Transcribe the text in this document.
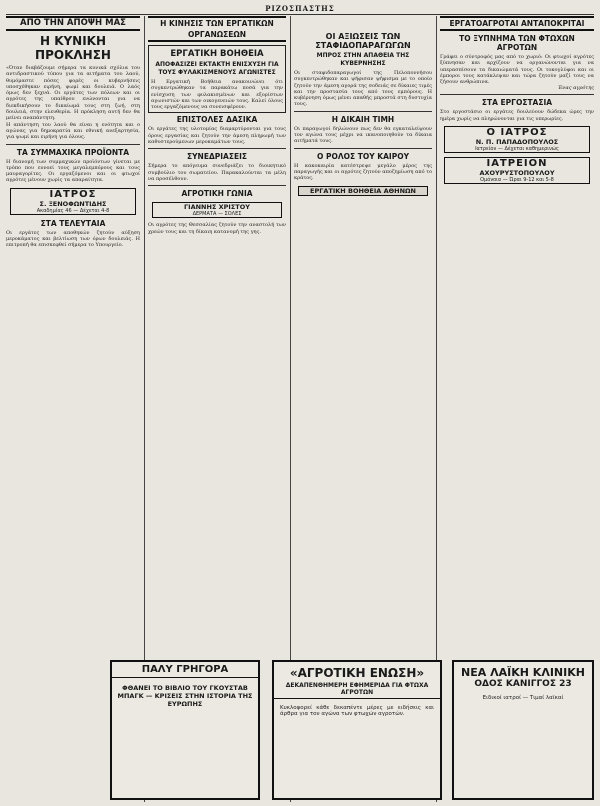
ΡΙΖΟΣΠΑΣΤΗΣ
ΑΠΟ ΤΗΝ ΑΠΟΨΗ ΜΑΣ
Η ΚΥΝΙΚΗ ΠΡΟΚΛΗΣΗ
«Όταν διαβάζουμε σήμερα τα κυνικά σχόλια του αντιδραστικού τύπου για τα αιτήματα του λαού, θυμόμαστε πόσες φορές οι κυβερνήσεις υποσχέθηκαν ειρήνη, ψωμί και δουλειά. Ο λαός όμως δεν ξεχνά. Οι εργάτες των πόλεων και οι αγρότες της υπαίθρου ενώνονται για να διεκδικήσουν το δικαίωμά τους στη ζωή, στη δουλειά, στην ελευθερία. Η πρόκληση αυτή δεν θα μείνει αναπάντητη.
Η απάντηση του λαού θα είναι η ενότητα και ο αγώνας για δημοκρατία και εθνική ανεξαρτησία, για ψωμί και ειρήνη για όλους.
ΤΑ ΣΥΜΜΑΧΙΚΑ ΠΡΟΪΟΝΤΑ
Η διανομή των συμμαχικών προϊόντων γίνεται με τρόπο που ευνοεί τους μεγαλεμπόρους και τους μαυραγορίτες. Οι εργαζόμενοι και οι φτωχοί αγρότες μένουν χωρίς τα απαραίτητα.
ΙΑΤΡΟΣ
Σ. ΞΕΝΟΦΩΝΤΙΔΗΣ
Ακαδημίας 46 — Δέχεται 4-8
ΣΤΑ ΤΕΛΕΥΤΑΙΑ
Οι εργάτες των αποθηκών ζητούν αύξηση μεροκάματος και βελτίωση των όρων δουλειάς. Η επιτροπή θα επισκεφθεί σήμερα το Υπουργείο.
Η ΚΙΝΗΣΙΣ ΤΩΝ ΕΡΓΑΤΙΚΩΝ ΟΡΓΑΝΩΣΕΩΝ
ΕΡΓΑΤΙΚΗ ΒΟΗΘΕΙΑ
ΑΠΟΦΑΣΙΖΕΙ ΕΚΤΑΚΤΗ ΕΝΙΣΧΥΣΗ ΓΙΑ ΤΟΥΣ ΦΥΛΑΚΙΣΜΕΝΟΥΣ ΑΓΩΝΙΣΤΕΣ
Η Εργατική Βοήθεια ανακοινώνει ότι συγκεντρώθηκαν τα παρακάτω ποσά για την ενίσχυση των φυλακισμένων και εξορίστων αγωνιστών και των οικογενειών τους. Καλεί όλους τους εργαζόμενους να συνεισφέρουν.
ΕΠΙΣΤΟΛΕΣ ΔΑΣΙΚΑ
Οι εργάτες της υλοτομίας διαμαρτύρονται για τους όρους εργασίας και ζητούν την άμεση πληρωμή των καθυστερούμενων μεροκαμάτων τους.
ΣΥΝΕΔΡΙΑΣΕΙΣ
Σήμερα το απόγευμα συνεδριάζει το διοικητικό συμβούλιο του σωματείου. Παρακαλούνται τα μέλη να προσέλθουν.
ΑΓΡΟΤΙΚΗ ΓΩΝΙΑ
ΓΙΑΝΝΗΣ ΧΡΙΣΤΟΥ
ΔΕΡΜΑΤΑ — ΣΟΛΕΣ
Οι αγρότες της Θεσσαλίας ζητούν την αναστολή των χρεών τους και τη δίκαιη κατανομή της γης.
ΟΙ ΑΞΙΩΣΕΙΣ ΤΩΝ ΣΤΑΦΙΔΟΠΑΡΑΓΩΓΩΝ
ΜΠΡΟΣ ΣΤΗΝ ΑΠΑΘΕΙΑ ΤΗΣ ΚΥΒΕΡΝΗΣΗΣ
Οι σταφιδοπαραγωγοί της Πελοποννήσου συγκεντρώθηκαν και ψήφισαν ψήφισμα με το οποίο ζητούν την άμεση αγορά της σοδειάς σε δίκαιες τιμές και την προστασία τους από τους εμπόρους. Η κυβέρνηση όμως μένει απαθής μπροστά στη δυστυχία τους.
Η ΔΙΚΑΙΗ ΤΙΜΗ
Οι παραγωγοί δηλώνουν πως δεν θα εγκαταλείψουν τον αγώνα τους μέχρι να ικανοποιηθούν τα δίκαια αιτήματά τους.
Ο ΡΟΛΟΣ ΤΟΥ ΚΑΙΡΟΥ
Η κακοκαιρία κατέστρεψε μεγάλο μέρος της παραγωγής και οι αγρότες ζητούν αποζημίωση από το κράτος.
ΕΡΓΑΤΙΚΗ ΒΟΗΘΕΙΑ ΑΘΗΝΩΝ
ΕΡΓΑΤΟΑΓΡΟΤΑΙ ΑΝΤΑΠΟΚΡΙΤΑΙ
ΤΟ ΞΥΠΝΗΜΑ ΤΩΝ ΦΤΩΧΩΝ ΑΓΡΟΤΩΝ
Γράφει ο σύντροφός μας από το χωριό: Οι φτωχοί αγρότες ξύπνησαν και αρχίζουν να οργανώνονται για να υπερασπίσουν τα δικαιώματά τους. Οι τοκογλύφοι και οι έμποροι τους κατάκλεψαν και τώρα ζητούν μαζί τους να ζήσουν ανθρώπινα.
Ένας αγρότης
ΣΤΑ ΕΡΓΟΣΤΑΣΙΑ
Στο εργοστάσιο οι εργάτες δουλεύουν δώδεκα ώρες την ημέρα χωρίς να πληρώνονται για τις υπερωρίες.
Ο ΙΑΤΡΟΣ
Ν. Π. ΠΑΠΑΔΟΠΟΥΛΟΣ
Ιατρείον — Δέχεται καθημερινώς
ΙΑΤΡΕΙΟΝ
ΑΧΟΥΡΥΣΤΟΠΟΥΛΟΥ
Ομόνοια — Ώραι 9-12 και 5-8
ΠΑΛΥ ΓΡΗΓΟΡΑ
ΦΘΑΝΕΙ ΤΟ ΒΙΒΛΙΟ ΤΟΥ ΓΚΟΥΣΤΑΒ ΜΠΑΓΚ — ΚΡΙΣΕΙΣ ΣΤΗΝ ΙΣΤΟΡΙΑ ΤΗΣ ΕΥΡΩΠΗΣ
«ΑΓΡΟΤΙΚΗ ΕΝΩΣΗ»
ΔΕΚΑΠΕΝΘΗΜΕΡΗ ΕΦΗΜΕΡΙΔΑ ΓΙΑ ΦΤΩΧΑ ΑΓΡΟΤΩΝ
Κυκλοφορεί κάθε δεκαπέντε μέρες με ειδήσεις και άρθρα για τον αγώνα των φτωχών αγροτών.
ΝΕΑ ΛΑΪΚΗ ΚΛΙΝΙΚΗ
ΟΔΟΣ ΚΑΝΙΓΓΟΣ 23
Ειδικοί ιατροί — Τιμαί λαϊκαί
